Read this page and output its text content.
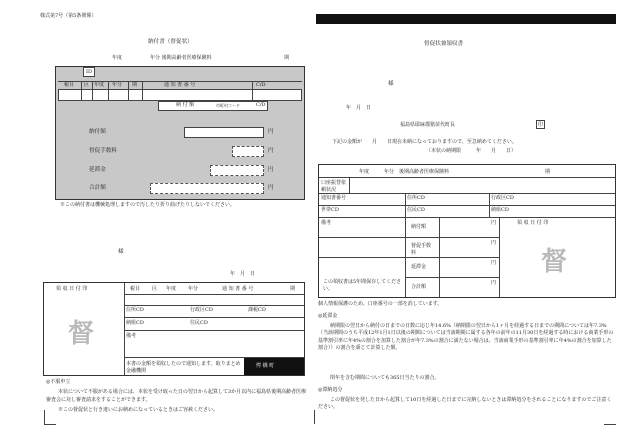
様式第7号（第5条関係）
納付書（督促状）
年度	年分 後期高齢者医療保険料	期
ID
税目 区 年度 年分 期	通 知 書 番 号	C/D
納 付 額	市町村コード	C/D
納付額	円
督促手数料	円
延滞金	円
合計額	円
※この納付書は機械処理しますので汚したり折り曲げたりしないでください。
様
年　月　日
領 収 日 付 印
督
税目 区 年度 年分	通 知 書 番 号	期
住所CD	行政区CD	課税CD
納組CD	住民CD
備考
本書の金額を領収したので通知します。取りまとめ金融機関
愕 橋 町
◎不服申立
本状について不服がある場合には、本状を受け取った日の翌日から起算して3か月以内に福島県後期高齢者医療審査会に対し審査請求をすることができます。
※この督促状と行き違いにお納めになっているときはご容赦ください。
督促状兼領収書
様
年　月　日
福島県耶麻郡猪苗代町長	印
下記の金額が　　月　　日現在未納になっておりますので、至急納めてください。
（本状の納期限　　　年　　月　　日）
年度　　　年分　後期高齢者医療保険料	期
口座振替依頼状況
通知書番号	住所CD	行政区CD
世帯CD	住民CD	納組CD
備考
この領収書は5年間保存してください。
納付額
円
督促手数料
円
延滞金
円
合計額
円
領 収 日 付 印
督
個人情報保護のため、口座番号の一部を消しています。
◎延滞金
納期限の翌日から納付の日までの日数に応じ年14.6%（納期限の翌日から1ヶ月を経過する日までの期間については年7.3%（当該期間のうち平成12年1月1日以後の期間については当該期間に属する各年の前年の11月30日を経過する時における商業手形の基準割引率に年4%の割合を加算した割合が年7.3%の割合に満たない場合は、当該商業手形の基準割引率に年4%の割合を加算した割合））の割合を乗じて計算した額。
閏年を含む期間についても365日当たりの割合。
◎滞納処分
この督促状を発した日から起算して10日を経過した日までに完納しないときは滞納処分をされることになりますのでご注意ください。
